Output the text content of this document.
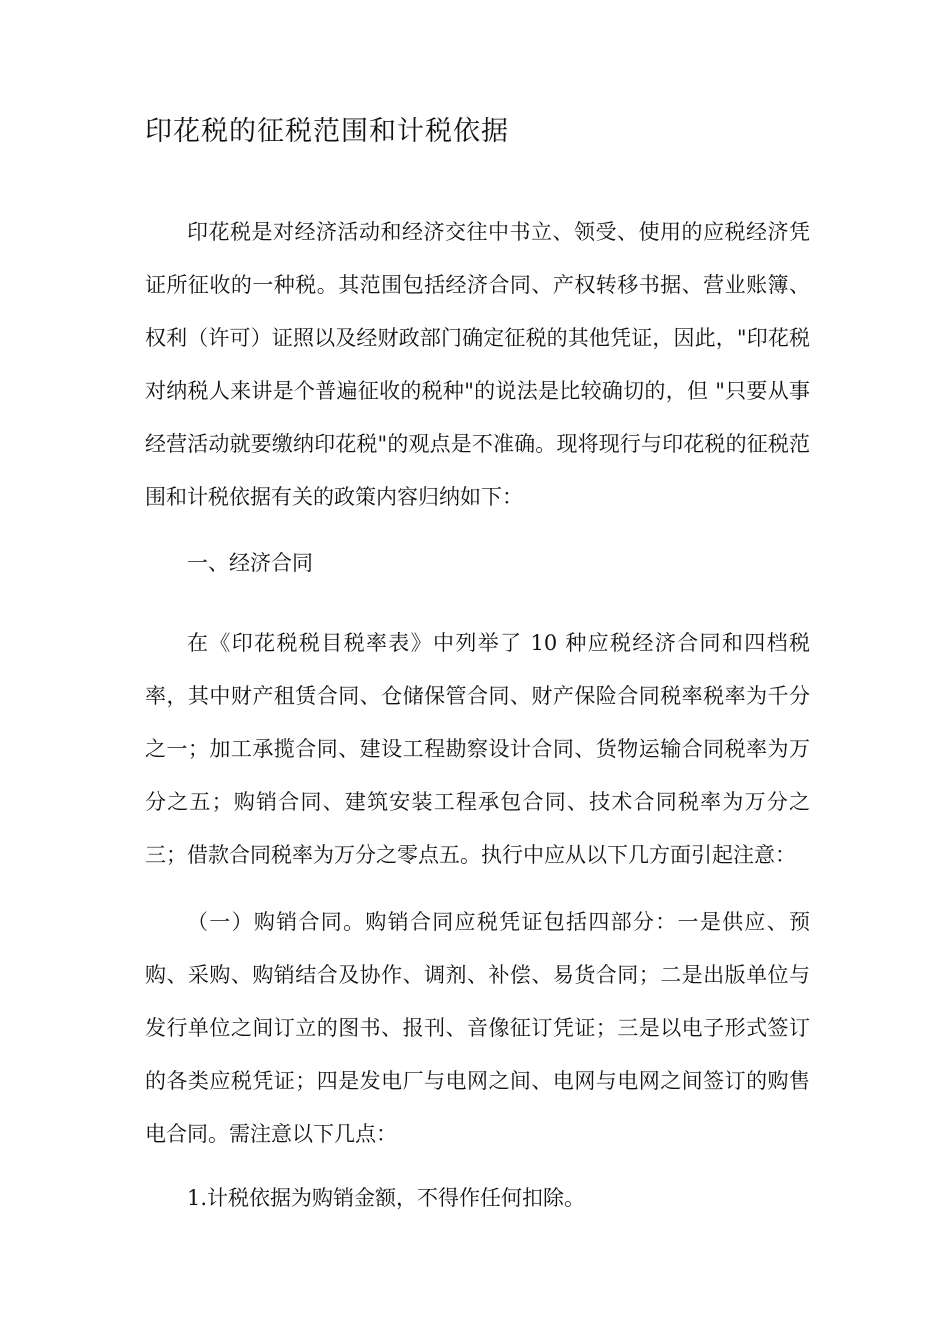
印花税的征税范围和计税依据

印花税是对经济活动和经济交往中书立、领受、使用的应税经济凭证所征收的一种税。其范围包括经济合同、产权转移书据、营业账簿、权利（许可）证照以及经财政部门确定征税的其他凭证，因此，"印花税对纳税人来讲是个普遍征收的税种"的说法是比较确切的，但 "只要从事经营活动就要缴纳印花税"的观点是不准确。现将现行与印花税的征税范围和计税依据有关的政策内容归纳如下：

一、经济合同

在《印花税税目税率表》中列举了 10 种应税经济合同和四档税率，其中财产租赁合同、仓储保管合同、财产保险合同税率税率为千分之一；加工承揽合同、建设工程勘察设计合同、货物运输合同税率为万分之五；购销合同、建筑安装工程承包合同、技术合同税率为万分之三；借款合同税率为万分之零点五。执行中应从以下几方面引起注意：

（一）购销合同。购销合同应税凭证包括四部分：一是供应、预购、采购、购销结合及协作、调剂、补偿、易货合同；二是出版单位与发行单位之间订立的图书、报刊、音像征订凭证；三是以电子形式签订的各类应税凭证；四是发电厂与电网之间、电网与电网之间签订的购售电合同。需注意以下几点：

1.计税依据为购销金额，不得作任何扣除。
